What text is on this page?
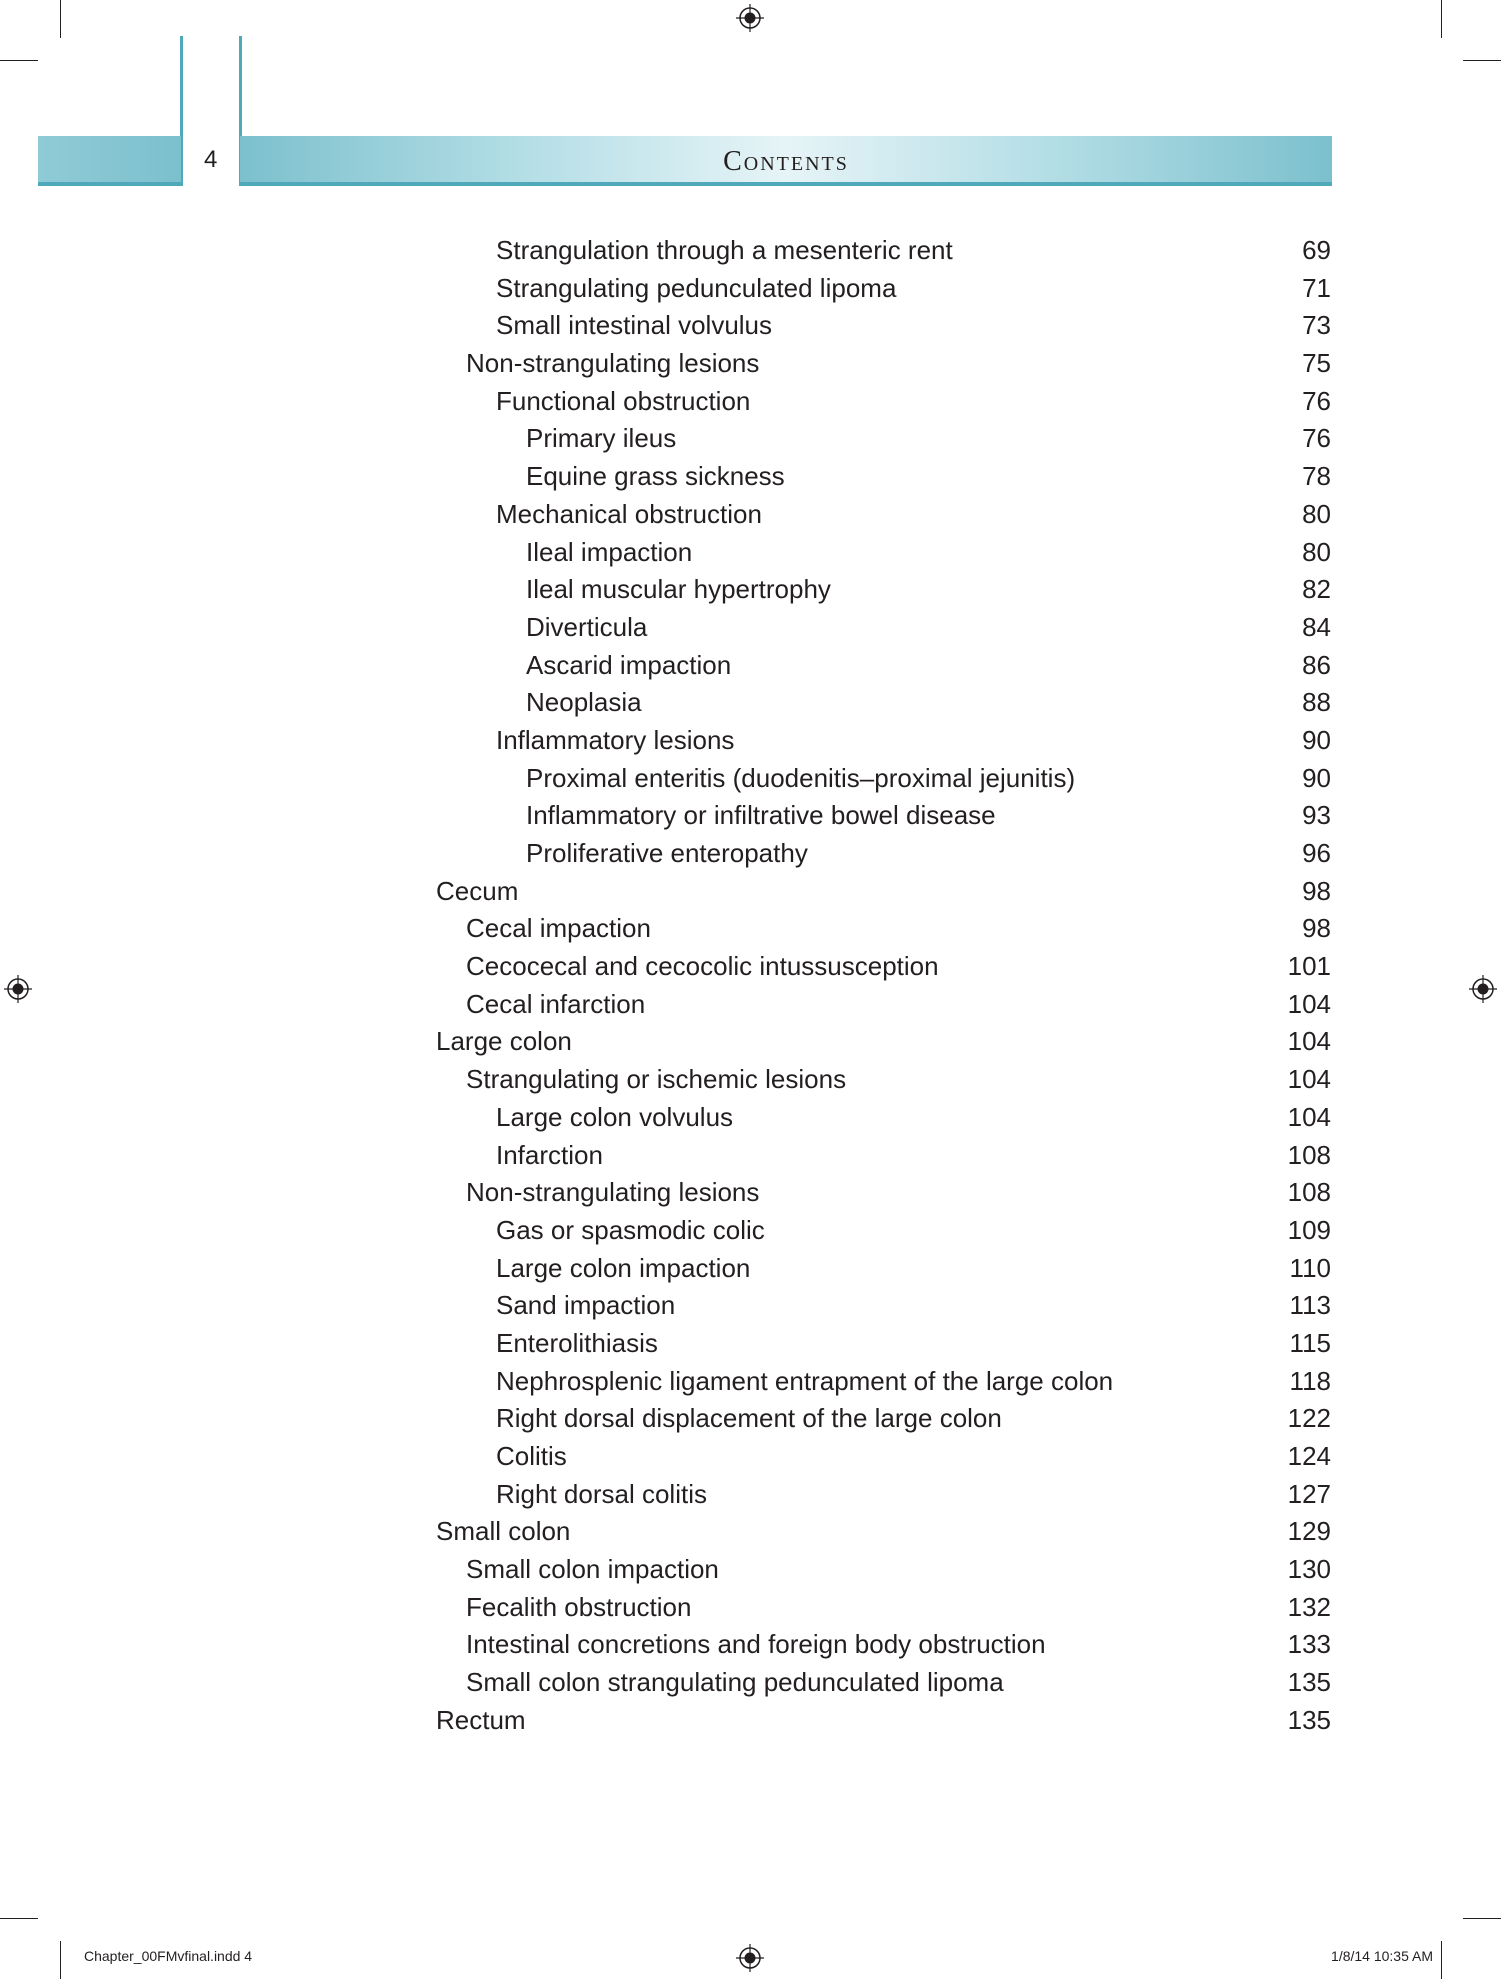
4	Contents
Strangulation through a mesenteric rent	69
Strangulating pedunculated lipoma	71
Small intestinal volvulus	73
Non-strangulating lesions	75
Functional obstruction	76
Primary ileus	76
Equine grass sickness	78
Mechanical obstruction	80
Ileal impaction	80
Ileal muscular hypertrophy	82
Diverticula	84
Ascarid impaction	86
Neoplasia	88
Inflammatory lesions	90
Proximal enteritis (duodenitis–proximal jejunitis)	90
Inflammatory or infiltrative bowel disease	93
Proliferative enteropathy	96
Cecum	98
Cecal impaction	98
Cecocecal and cecocolic intussusception	101
Cecal infarction	104
Large colon	104
Strangulating or ischemic lesions	104
Large colon volvulus	104
Infarction	108
Non-strangulating lesions	108
Gas or spasmodic colic	109
Large colon impaction	110
Sand impaction	113
Enterolithiasis	115
Nephrosplenic ligament entrapment of the large colon	118
Right dorsal displacement of the large colon	122
Colitis	124
Right dorsal colitis	127
Small colon	129
Small colon impaction	130
Fecalith obstruction	132
Intestinal concretions and foreign body obstruction	133
Small colon strangulating pedunculated lipoma	135
Rectum	135
Chapter_00FMvfinal.indd 4	1/8/14 10:35 AM
